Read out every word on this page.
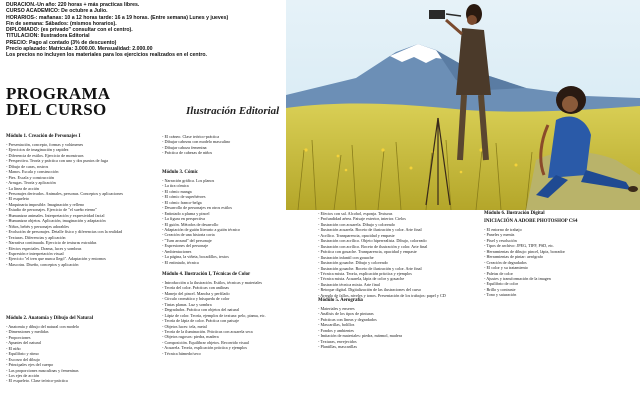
DURACION.-Un año: 220 horas + más practicas libres.
CURSO ACADEMICO: De octubre a Julio.
HORARIOS-: mañanas: 10 a 12 horas tarde: 16 a 19 horas. (Entre semana) Lunes y jueves)
Fin de semana: Sábados: (mismos horarios).
DIPLOMADO: (es privado" consultar con el centro).
TITULACION: Ilustradora Editorial
PRECIO: Pago al contado (3% de descuento)
Precio aplazado: Matricula: 3.000.00. Mensualidad: 2.000.00
Los precios no incluyen los materiales para los ejercicios realizados en el centro.
PROGRAMA
DEL CURSO	Ilustración Editorial
Módulo 1. Creación de Personajes I
- Presentación, concepto, formas y volúmenes
- Ejercicios de imaginación y rapidez
- Diferencia de estilos. Ejercicio de monstruos
- Perspectiva. Teoría y práctica con uno y dos puntos de fuga
- Dibujo de caras, rostros
- Manos. Escala y construcción
- Pies. Escala y construcción
- Arrugas. Teoría y aplicación
- La línea de acción
- Personajes derivados. Animales, personas. Conceptos y aplicaciones
- El esqueleto
- Maquinaria imposible. Imaginación y relleno
- Estudio de personajes. Ejercicio de "el sueño eterno"
- Humanizar animales. Interpretación y expresividad facial
- Humanizar objetos. Aplicación, imaginación y adaptación
- Niños, bebés y personajes adorables
- Evolución de personajes. Detalle físico y diferencias con la realidad
- Texturas. Diferencias y aplicación
- Narrativa continuada. Ejercicio de texturas extraídas
- Efectos especiales. Drama, luces y sombras
- Expresión e interpretación visual
- Ejercicio "el tren que nunca llegó". Adaptación y entornos
- Mascotas. Diseño, conceptos y aplicación
Módulo 2. Anatomía y Dibujo del Natural
- Anatomía y dibujo del natural con modelo
- Dimensiones y medidas
- Proporciones
- Apuntes del natural
- El niño
- Equilibrio y ritmo
- Escorzo del dibujo
- Principales ejes del cuerpo
- Las proporciones masculinas y femeninas
- Los ejes de acción
- El esqueleto. Clase teórico-práctica
- El cráneo. Clase teórico-práctica
- Dibujar cabezas con modelo masculino
- Dibujar caboza femenina
- Práctica de cabezas de niños
Módulo 3. Cómic
- Narración gráfica. Los planos
- La tira cómica
- El cómic manga
- El cómic de superhéroes
- El cómic franco-belga
- Desarrollo de personajes en otros estilos
- Entintado a pluma y pincel
- La figura en perspectiva
- El guión. Métodos de desarrollo
- Adaptación de guión literario a guión técnico
- Creación de una historia corta
- "Turn around" del personaje
- Expresiones del personaje
- Ambientaciones
- La página, la viñeta, bocadillos, textos
- El entintado, técnica
Módulo 4. Ilustración I, Técnicas de Color
- Introducción a la ilustración. Estilos, técnicas y materiales
- Teoría del color. Prácticas con anilinas
- Manejo del pincel. Mancha y perfilado
- Círculo cromático y búsqueda de color
- Tintas planas. Luz y sombra
- Degradados. Práctica con objetos del natural
- Lápiz de color. Teoría, ejemplos de textura: pelo, piama, etc.
- Teoría de lápiz de color. Práctica con paisaje
- Objetos luces: tela, metal
- Teoría de la iluminación. Prácticas con acuarela seca
- Objetos rugosos: piedra, madera
- Composición. Equilibrar objetos. Recorrido visual
- Acuarela. Teoría, explicación práctica y ejemplos
- Técnica húmedo/seco
- Efectos con sal. Alcohol, esponja. Texturas
- Profundidad aérea. Paisaje exterior, interior. Cielos
- Ilustración con acuarela. Dibujo y coloreado
- Ilustración acuarela. Boceto de ilustración y color. Arte final
- Acrílico. Transparencia, opacidad y empaste
- Ilustración con acrílico. Objeto hiperrealista. Dibujo, coloreado
- Ilustración con acrílico. Boceto de ilustración y color. Arte final
- Práctica con gouache. Transparencia, opacidad y empaste
- Ilustración infantil con gouache
- Ilustración gouache. Dibujo y coloreado
- Ilustración gouache. Boceto de ilustración y color. Arte final
- Técnica mixta. Teoría, explicación práctica y ejemplos
- Técnica mixta. Acuarela, lápiz de color y gouache
- Ilustración técnica mixta. Arte final
- Retoque digital. Digitalización de las ilustraciones del curso
- Arreglo de fallos, niveles y tonos. Presentación de los trabajos: papel y CD
Módulo 5. Aerografía
- Materiales y enseres
- Análisis de los tipos de pinturas
- Prácticas con líneas y degradados
- Mascarillas, bolillos
- Fondos y ambientes
- Imitación de materiales: piedra, mármol, madera
- Texturas, envejecidos
- Plantillas, mascarillas
Módulo 6. Ilustración Digital
INICIACIÓN A ADOBE PHOTOSHOP CS4
- El entorno de trabajo
- Paneles y menús
- Pixel y resolución
- Tipos de archivo: JPEG, TIFF, PSD, etc.
- Herramientas de dibujo: pincel, lápiz, borrador
- Herramientas de pintar: aerógrafo
- Creación de degradados
- El color y su tratamiento
- Paletas de color
- Ajustes y transformación de la imagen
- Equilibrio de color
- Brillo y contraste
- Tono y saturación
